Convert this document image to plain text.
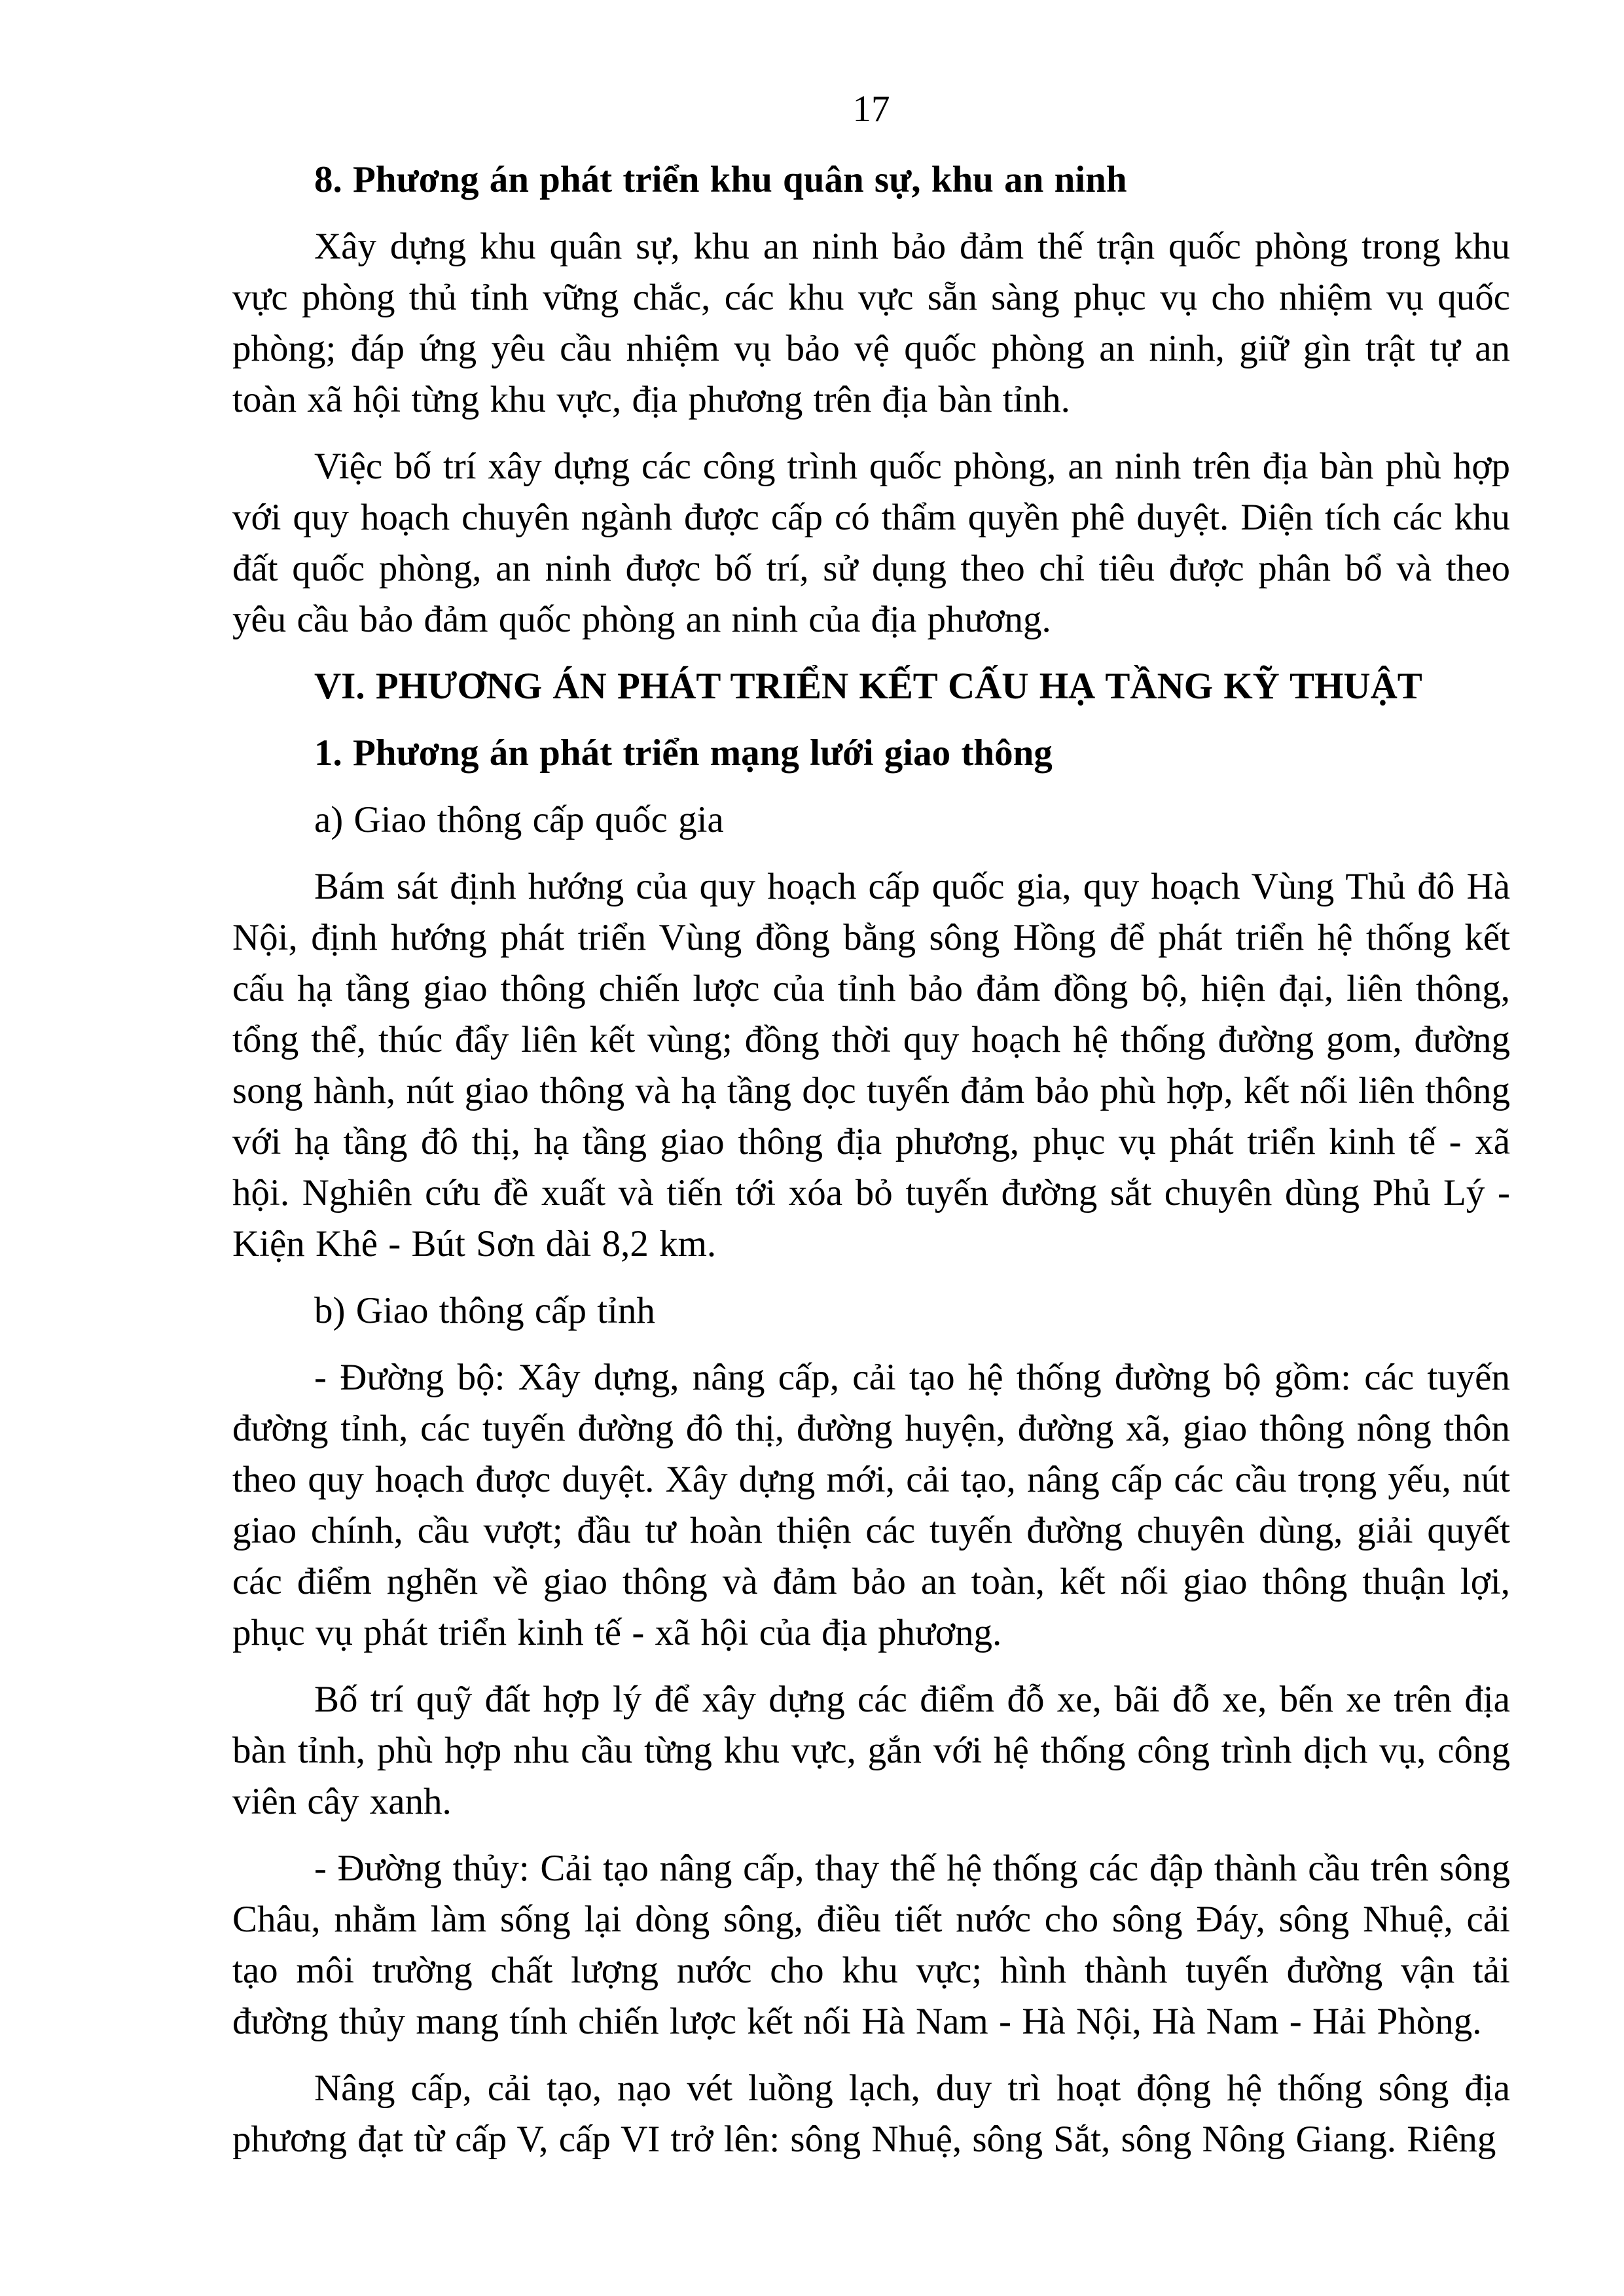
17

8. Phương án phát triển khu quân sự, khu an ninh

Xây dựng khu quân sự, khu an ninh bảo đảm thế trận quốc phòng trong khu vực phòng thủ tỉnh vững chắc, các khu vực sẵn sàng phục vụ cho nhiệm vụ quốc phòng; đáp ứng yêu cầu nhiệm vụ bảo vệ quốc phòng an ninh, giữ gìn trật tự an toàn xã hội từng khu vực, địa phương trên địa bàn tỉnh.

Việc bố trí xây dựng các công trình quốc phòng, an ninh trên địa bàn phù hợp với quy hoạch chuyên ngành được cấp có thẩm quyền phê duyệt. Diện tích các khu đất quốc phòng, an ninh được bố trí, sử dụng theo chỉ tiêu được phân bổ và theo yêu cầu bảo đảm quốc phòng an ninh của địa phương.

VI. PHƯƠNG ÁN PHÁT TRIỂN KẾT CẤU HẠ TẦNG KỸ THUẬT

1. Phương án phát triển mạng lưới giao thông

a) Giao thông cấp quốc gia

Bám sát định hướng của quy hoạch cấp quốc gia, quy hoạch Vùng Thủ đô Hà Nội, định hướng phát triển Vùng đồng bằng sông Hồng để phát triển hệ thống kết cấu hạ tầng giao thông chiến lược của tỉnh bảo đảm đồng bộ, hiện đại, liên thông, tổng thể, thúc đẩy liên kết vùng; đồng thời quy hoạch hệ thống đường gom, đường song hành, nút giao thông và hạ tầng dọc tuyến đảm bảo phù hợp, kết nối liên thông với hạ tầng đô thị, hạ tầng giao thông địa phương, phục vụ phát triển kinh tế - xã hội. Nghiên cứu đề xuất và tiến tới xóa bỏ tuyến đường sắt chuyên dùng Phủ Lý - Kiện Khê - Bút Sơn dài 8,2 km.

b) Giao thông cấp tỉnh

- Đường bộ: Xây dựng, nâng cấp, cải tạo hệ thống đường bộ gồm: các tuyến đường tỉnh, các tuyến đường đô thị, đường huyện, đường xã, giao thông nông thôn theo quy hoạch được duyệt. Xây dựng mới, cải tạo, nâng cấp các cầu trọng yếu, nút giao chính, cầu vượt; đầu tư hoàn thiện các tuyến đường chuyên dùng, giải quyết các điểm nghẽn về giao thông và đảm bảo an toàn, kết nối giao thông thuận lợi, phục vụ phát triển kinh tế - xã hội của địa phương.

Bố trí quỹ đất hợp lý để xây dựng các điểm đỗ xe, bãi đỗ xe, bến xe trên địa bàn tỉnh, phù hợp nhu cầu từng khu vực, gắn với hệ thống công trình dịch vụ, công viên cây xanh.

- Đường thủy: Cải tạo nâng cấp, thay thế hệ thống các đập thành cầu trên sông Châu, nhằm làm sống lại dòng sông, điều tiết nước cho sông Đáy, sông Nhuệ, cải tạo môi trường chất lượng nước cho khu vực; hình thành tuyến đường vận tải đường thủy mang tính chiến lược kết nối Hà Nam - Hà Nội, Hà Nam - Hải Phòng.

Nâng cấp, cải tạo, nạo vét luồng lạch, duy trì hoạt động hệ thống sông địa phương đạt từ cấp V, cấp VI trở lên: sông Nhuệ, sông Sắt, sông Nông Giang. Riêng
